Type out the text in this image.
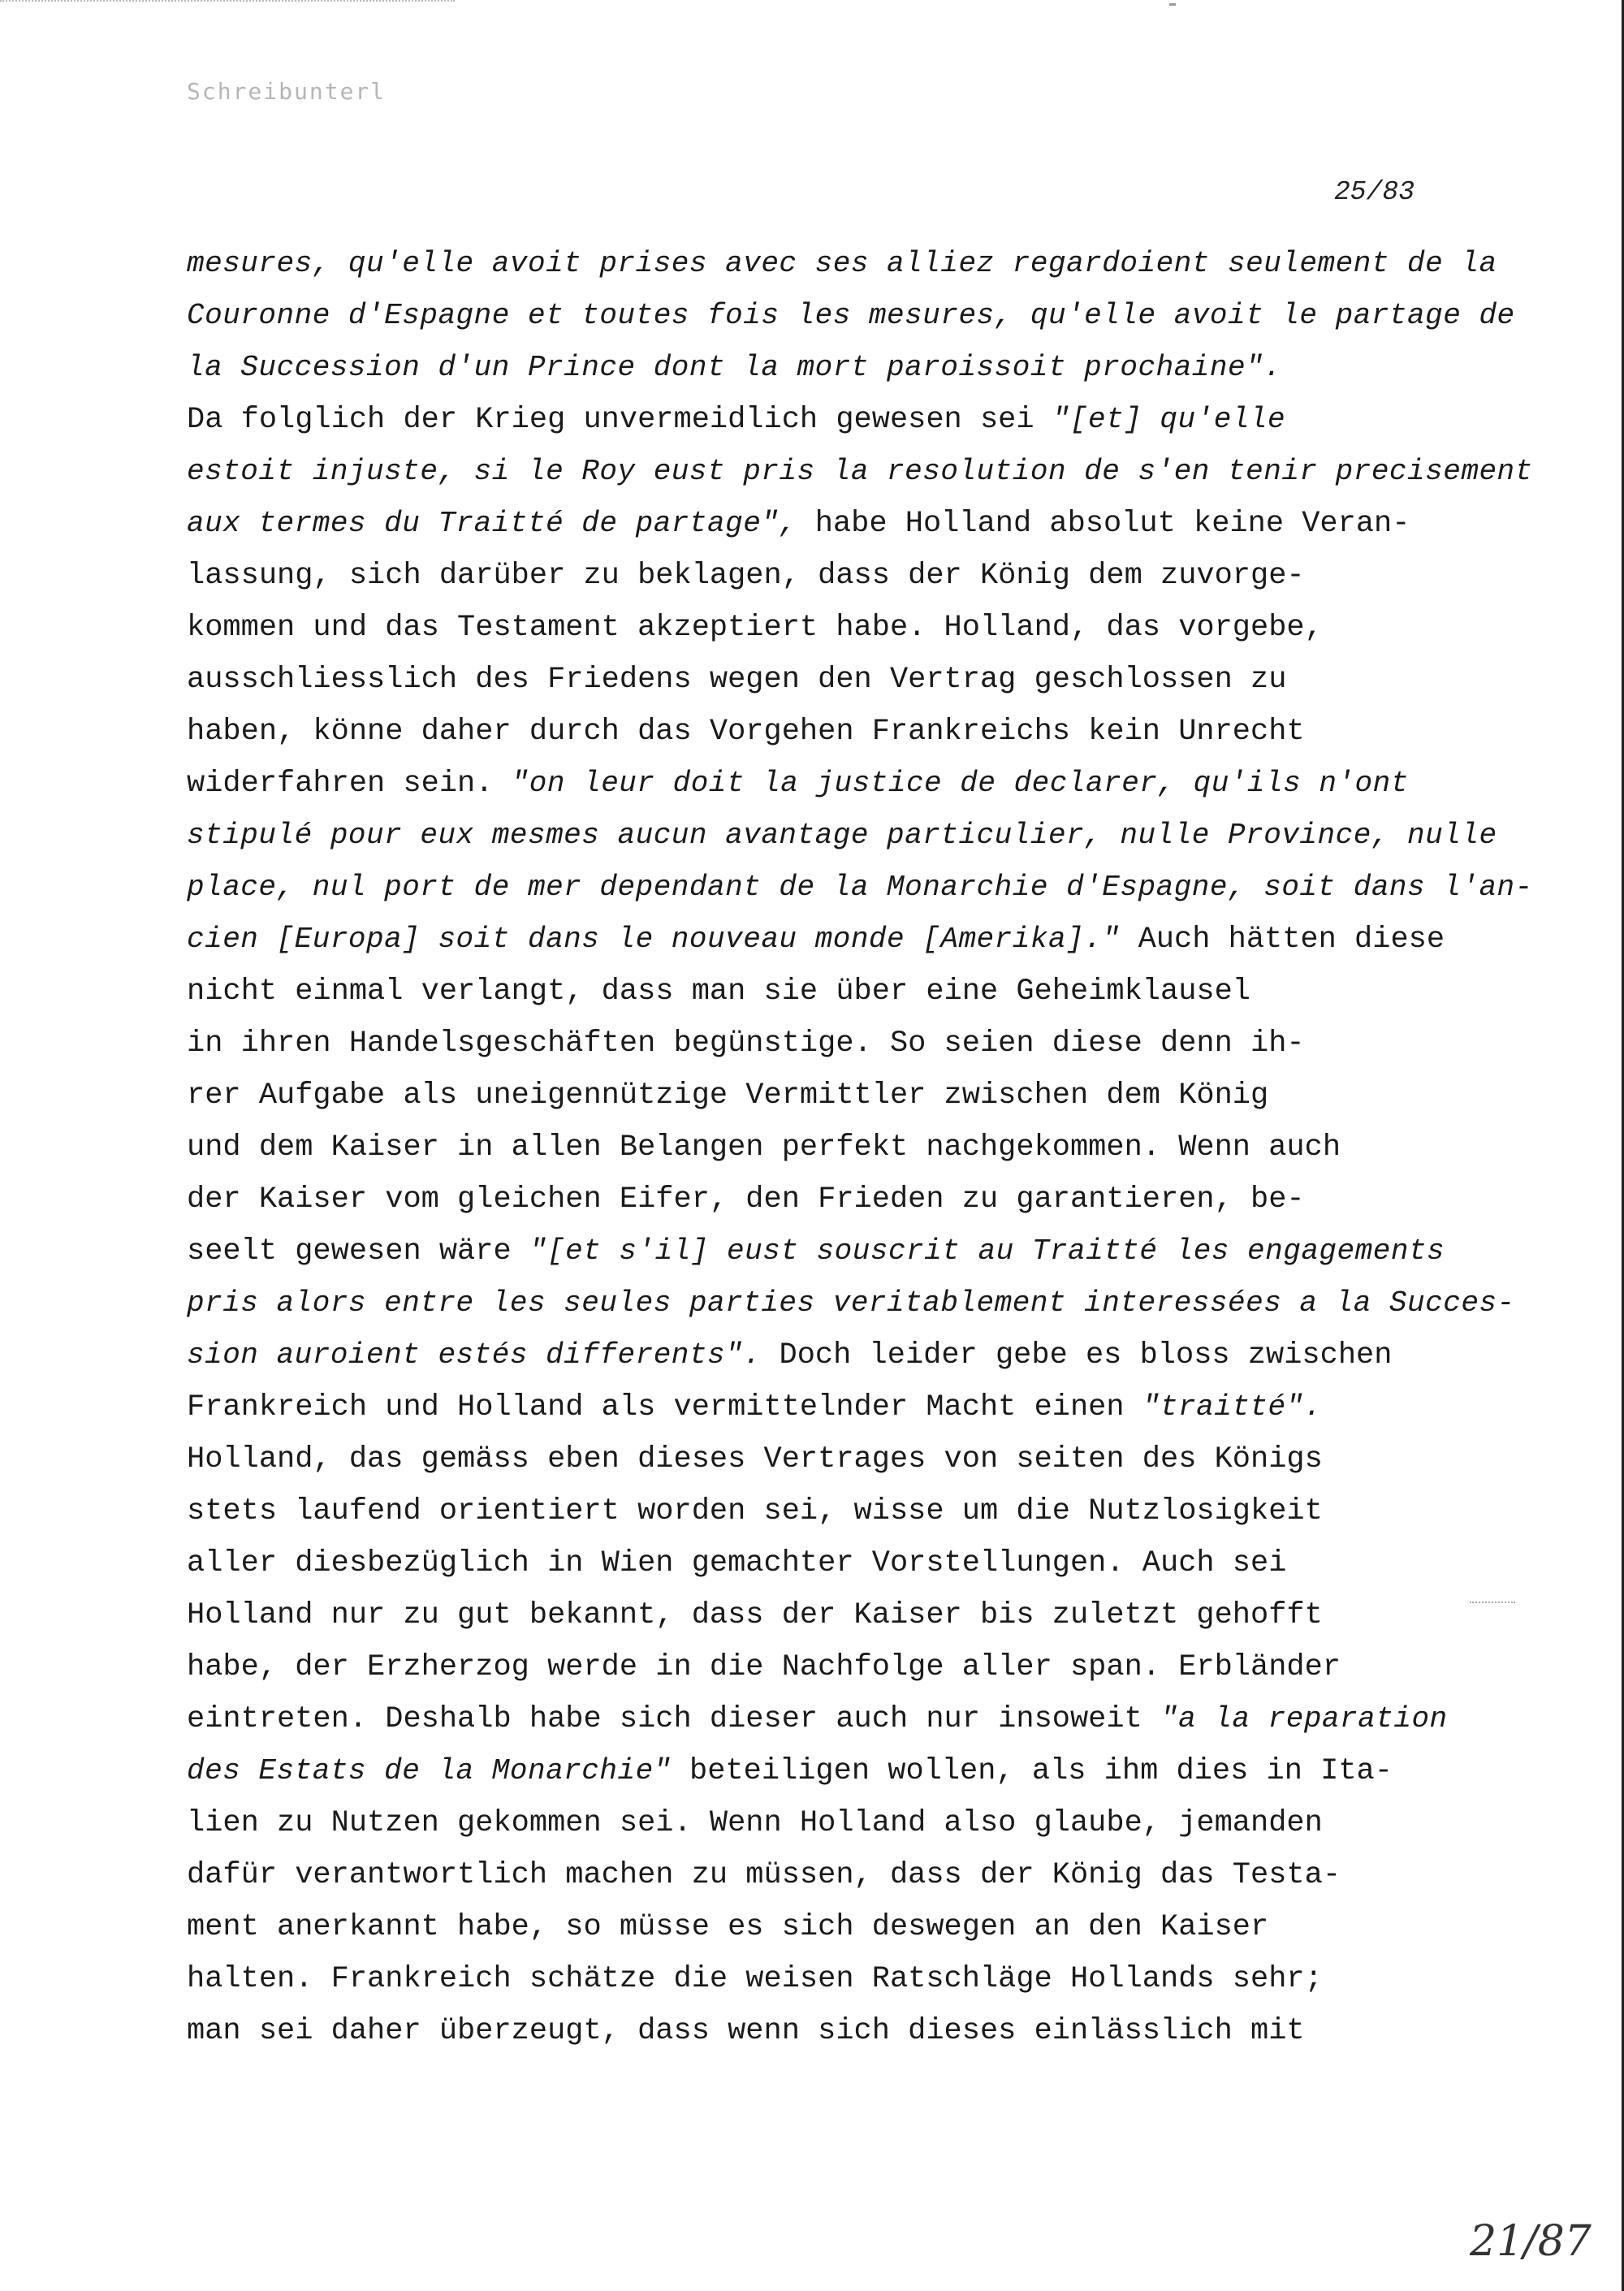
Schreibunterl
25/83
mesures, qu'elle avoit prises avec ses alliez regardoient seulement de la
Couronne d'Espagne et toutes fois les mesures, qu'elle avoit le partage de
la Succession d'un Prince dont la mort paroissoit prochaine".
Da folglich der Krieg unvermeidlich gewesen sei "[et] qu'elle
estoit injuste, si le Roy eust pris la resolution de s'en tenir precisement
aux termes du Traitté de partage", habe Holland absolut keine Veran-
lassung, sich darüber zu beklagen, dass der König dem zuvorge-
kommen und das Testament akzeptiert habe. Holland, das vorgebe,
ausschliesslich des Friedens wegen den Vertrag geschlossen zu
haben, könne daher durch das Vorgehen Frankreichs kein Unrecht
widerfahren sein. "on leur doit la justice de declarer, qu'ils n'ont
stipulé pour eux mesmes aucun avantage particulier, nulle Province, nulle
place, nul port de mer dependant de la Monarchie d'Espagne, soit dans l'an-
cien [Europa] soit dans le nouveau monde [Amerika]." Auch hätten diese
nicht einmal verlangt, dass man sie über eine Geheimklausel
in ihren Handelsgeschäften begünstige. So seien diese denn ih-
rer Aufgabe als uneigennützige Vermittler zwischen dem König
und dem Kaiser in allen Belangen perfekt nachgekommen. Wenn auch
der Kaiser vom gleichen Eifer, den Frieden zu garantieren, be-
seelt gewesen wäre "[et s'il] eust souscrit au Traitté les engagements
pris alors entre les seules parties veritablement interessées a la Succes-
sion auroient estés differents". Doch leider gebe es bloss zwischen
Frankreich und Holland als vermittelnder Macht einen "traitté".
Holland, das gemäss eben dieses Vertrages von seiten des Königs
stets laufend orientiert worden sei, wisse um die Nutzlosigkeit
aller diesbezüglich in Wien gemachter Vorstellungen. Auch sei
Holland nur zu gut bekannt, dass der Kaiser bis zuletzt gehofft
habe, der Erzherzog werde in die Nachfolge aller span. Erbländer
eintreten. Deshalb habe sich dieser auch nur insoweit "a la reparation
des Estats de la Monarchie" beteiligen wollen, als ihm dies in Ita-
lien zu Nutzen gekommen sei. Wenn Holland also glaube, jemanden
dafür verantwortlich machen zu müssen, dass der König das Testa-
ment anerkannt habe, so müsse es sich deswegen an den Kaiser
halten. Frankreich schätze die weisen Ratschläge Hollands sehr;
man sei daher überzeugt, dass wenn sich dieses einlässlich mit
21/87
